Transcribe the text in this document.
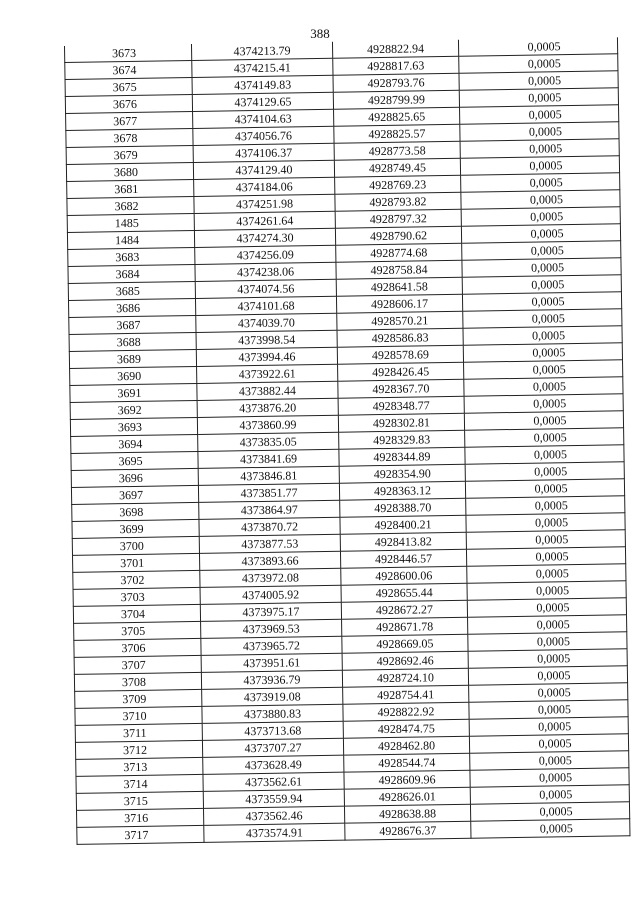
388
3673	4374213.79	4928822.94	0,0005
3674	4374215.41	4928817.63	0,0005
3675	4374149.83	4928793.76	0,0005
3676	4374129.65	4928799.99	0,0005
3677	4374104.63	4928825.65	0,0005
3678	4374056.76	4928825.57	0,0005
3679	4374106.37	4928773.58	0,0005
3680	4374129.40	4928749.45	0,0005
3681	4374184.06	4928769.23	0,0005
3682	4374251.98	4928793.82	0,0005
1485	4374261.64	4928797.32	0,0005
1484	4374274.30	4928790.62	0,0005
3683	4374256.09	4928774.68	0,0005
3684	4374238.06	4928758.84	0,0005
3685	4374074.56	4928641.58	0,0005
3686	4374101.68	4928606.17	0,0005
3687	4374039.70	4928570.21	0,0005
3688	4373998.54	4928586.83	0,0005
3689	4373994.46	4928578.69	0,0005
3690	4373922.61	4928426.45	0,0005
3691	4373882.44	4928367.70	0,0005
3692	4373876.20	4928348.77	0,0005
3693	4373860.99	4928302.81	0,0005
3694	4373835.05	4928329.83	0,0005
3695	4373841.69	4928344.89	0,0005
3696	4373846.81	4928354.90	0,0005
3697	4373851.77	4928363.12	0,0005
3698	4373864.97	4928388.70	0,0005
3699	4373870.72	4928400.21	0,0005
3700	4373877.53	4928413.82	0,0005
3701	4373893.66	4928446.57	0,0005
3702	4373972.08	4928600.06	0,0005
3703	4374005.92	4928655.44	0,0005
3704	4373975.17	4928672.27	0,0005
3705	4373969.53	4928671.78	0,0005
3706	4373965.72	4928669.05	0,0005
3707	4373951.61	4928692.46	0,0005
3708	4373936.79	4928724.10	0,0005
3709	4373919.08	4928754.41	0,0005
3710	4373880.83	4928822.92	0,0005
3711	4373713.68	4928474.75	0,0005
3712	4373707.27	4928462.80	0,0005
3713	4373628.49	4928544.74	0,0005
3714	4373562.61	4928609.96	0,0005
3715	4373559.94	4928626.01	0,0005
3716	4373562.46	4928638.88	0,0005
3717	4373574.91	4928676.37	0,0005
